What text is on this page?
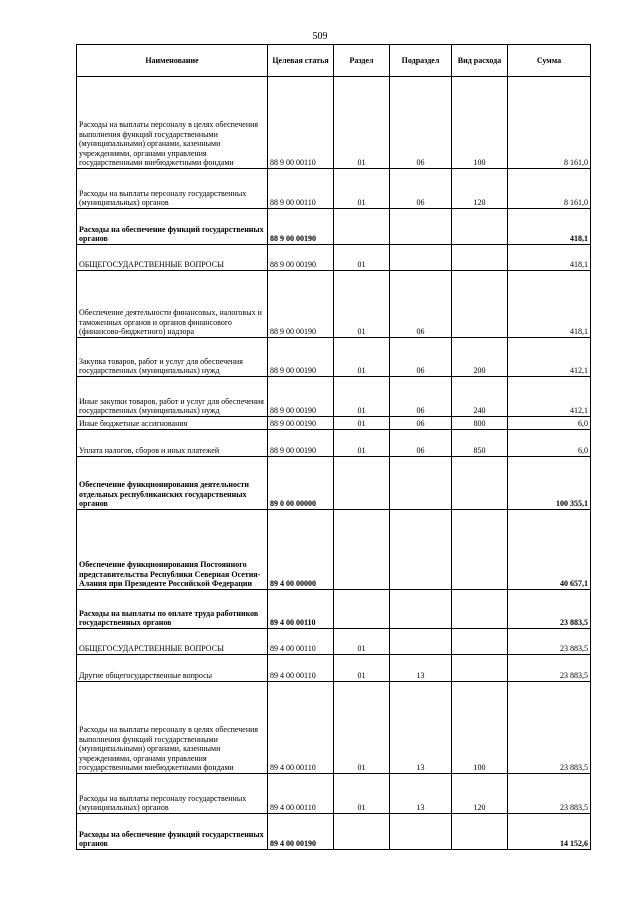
509
Наименование	Целевая статья	Раздел	Подраздел	Вид расхода	Сумма
Расходы на выплаты персоналу в целях обеспечения выполнения функций государственными (муниципальными) органами, казенными учреждениями, органами управления государственными внебюджетными фондами	88 9 00 00110	01	06	100	8 161,0
Расходы на выплаты персоналу государственных (муниципальных) органов	88 9 00 00110	01	06	120	8 161,0
Расходы на обеспечение функций государственных органов	88 9 00 00190				418,1
ОБЩЕГОСУДАРСТВЕННЫЕ ВОПРОСЫ	88 9 00 00190	01			418,1
Обеспечение деятельности финансовых, налоговых и таможенных органов и органов финансового (финансово-бюджетного) надзора	88 9 00 00190	01	06		418,1
Закупка товаров, работ и услуг для обеспечения государственных (муниципальных) нужд	88 9 00 00190	01	06	200	412,1
Иные закупки товаров, работ и услуг для обеспечения государственных (муниципальных) нужд	88 9 00 00190	01	06	240	412,1
Иные бюджетные ассигнования	88 9 00 00190	01	06	800	6,0
Уплата налогов, сборов и иных платежей	88 9 00 00190	01	06	850	6,0
Обеспечение функционирования деятельности отдельных республиканских государственных органов	89 0 00 00000				100 355,1
Обеспечение функционирования Постоянного представительства Республики Северная Осетия-Алания при Президенте Российской Федерации	89 4 00 00000				40 657,1
Расходы на выплаты по оплате труда работников государственных органов	89 4 00 00110				23 883,5
ОБЩЕГОСУДАРСТВЕННЫЕ ВОПРОСЫ	89 4 00 00110	01			23 883,5
Другие общегосударственные вопросы	89 4 00 00110	01	13		23 883,5
Расходы на выплаты персоналу в целях обеспечения выполнения функций государственными (муниципальными) органами, казенными учреждениями, органами управления государственными внебюджетными фондами	89 4 00 00110	01	13	100	23 883,5
Расходы на выплаты персоналу государственных (муниципальных) органов	89 4 00 00110	01	13	120	23 883,5
Расходы на обеспечение функций государственных органов	89 4 00 00190				14 152,6
